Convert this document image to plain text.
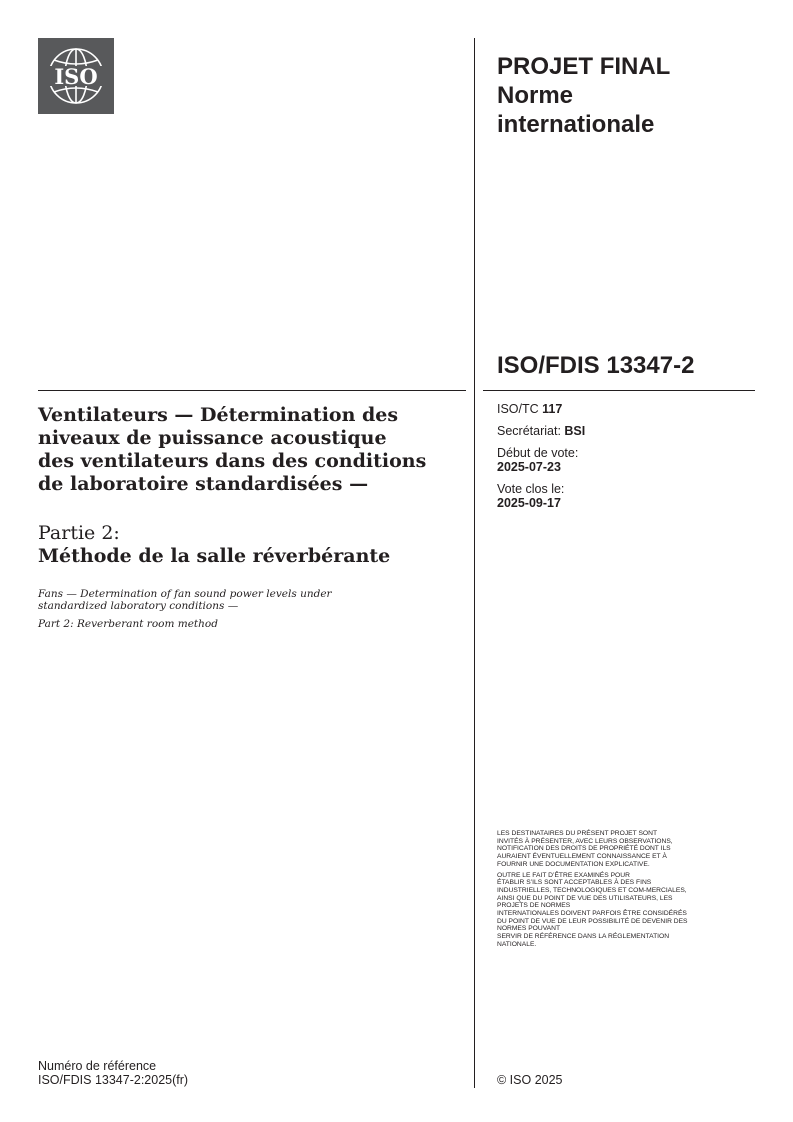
ISO	PROJET FINAL
Norme
internationale
ISO/FDIS 13347-2
ISO/TC 117
Secrétariat: BSI
Début de vote:
2025-07-23
Vote clos le:
2025-09-17
Ventilateurs — Détermination des
niveaux de puissance acoustique
des ventilateurs dans des conditions
de laboratoire standardisées —
Partie 2:
Méthode de la salle réverbérante
Fans — Determination of fan sound power levels under
standardized laboratory conditions —
Part 2: Reverberant room method

LES DESTINATAIRES DU PRÉSENT PROJET SONT
INVITÉS À PRÉSENTER, AVEC LEURS OBSERVATIONS,
NOTIFICATION DES DROITS DE PROPRIÉTÉ DONT ILS
AURAIENT ÉVENTUELLEMENT CONNAISSANCE ET À
FOURNIR UNE DOCUMENTATION EXPLICATIVE.

OUTRE LE FAIT D’ÊTRE EXAMINÉS POUR
ÉTABLIR S’ILS SONT ACCEPTABLES À DES FINS
INDUSTRIELLES, TECHNOLOGIQUES ET COM-MERCIALES,
AINSI QUE DU POINT DE VUE DES UTILISATEURS, LES
PROJETS DE NORMES
INTERNATIONALES DOIVENT PARFOIS ÊTRE CONSIDÉRÉS
DU POINT DE VUE DE LEUR POSSIBILITÉ DE DEVENIR DES
NORMES POUVANT
SERVIR DE RÉFÉRENCE DANS LA RÉGLEMENTATION
NATIONALE.

Numéro de référence
ISO/FDIS 13347-2:2025(fr)	© ISO 2025
